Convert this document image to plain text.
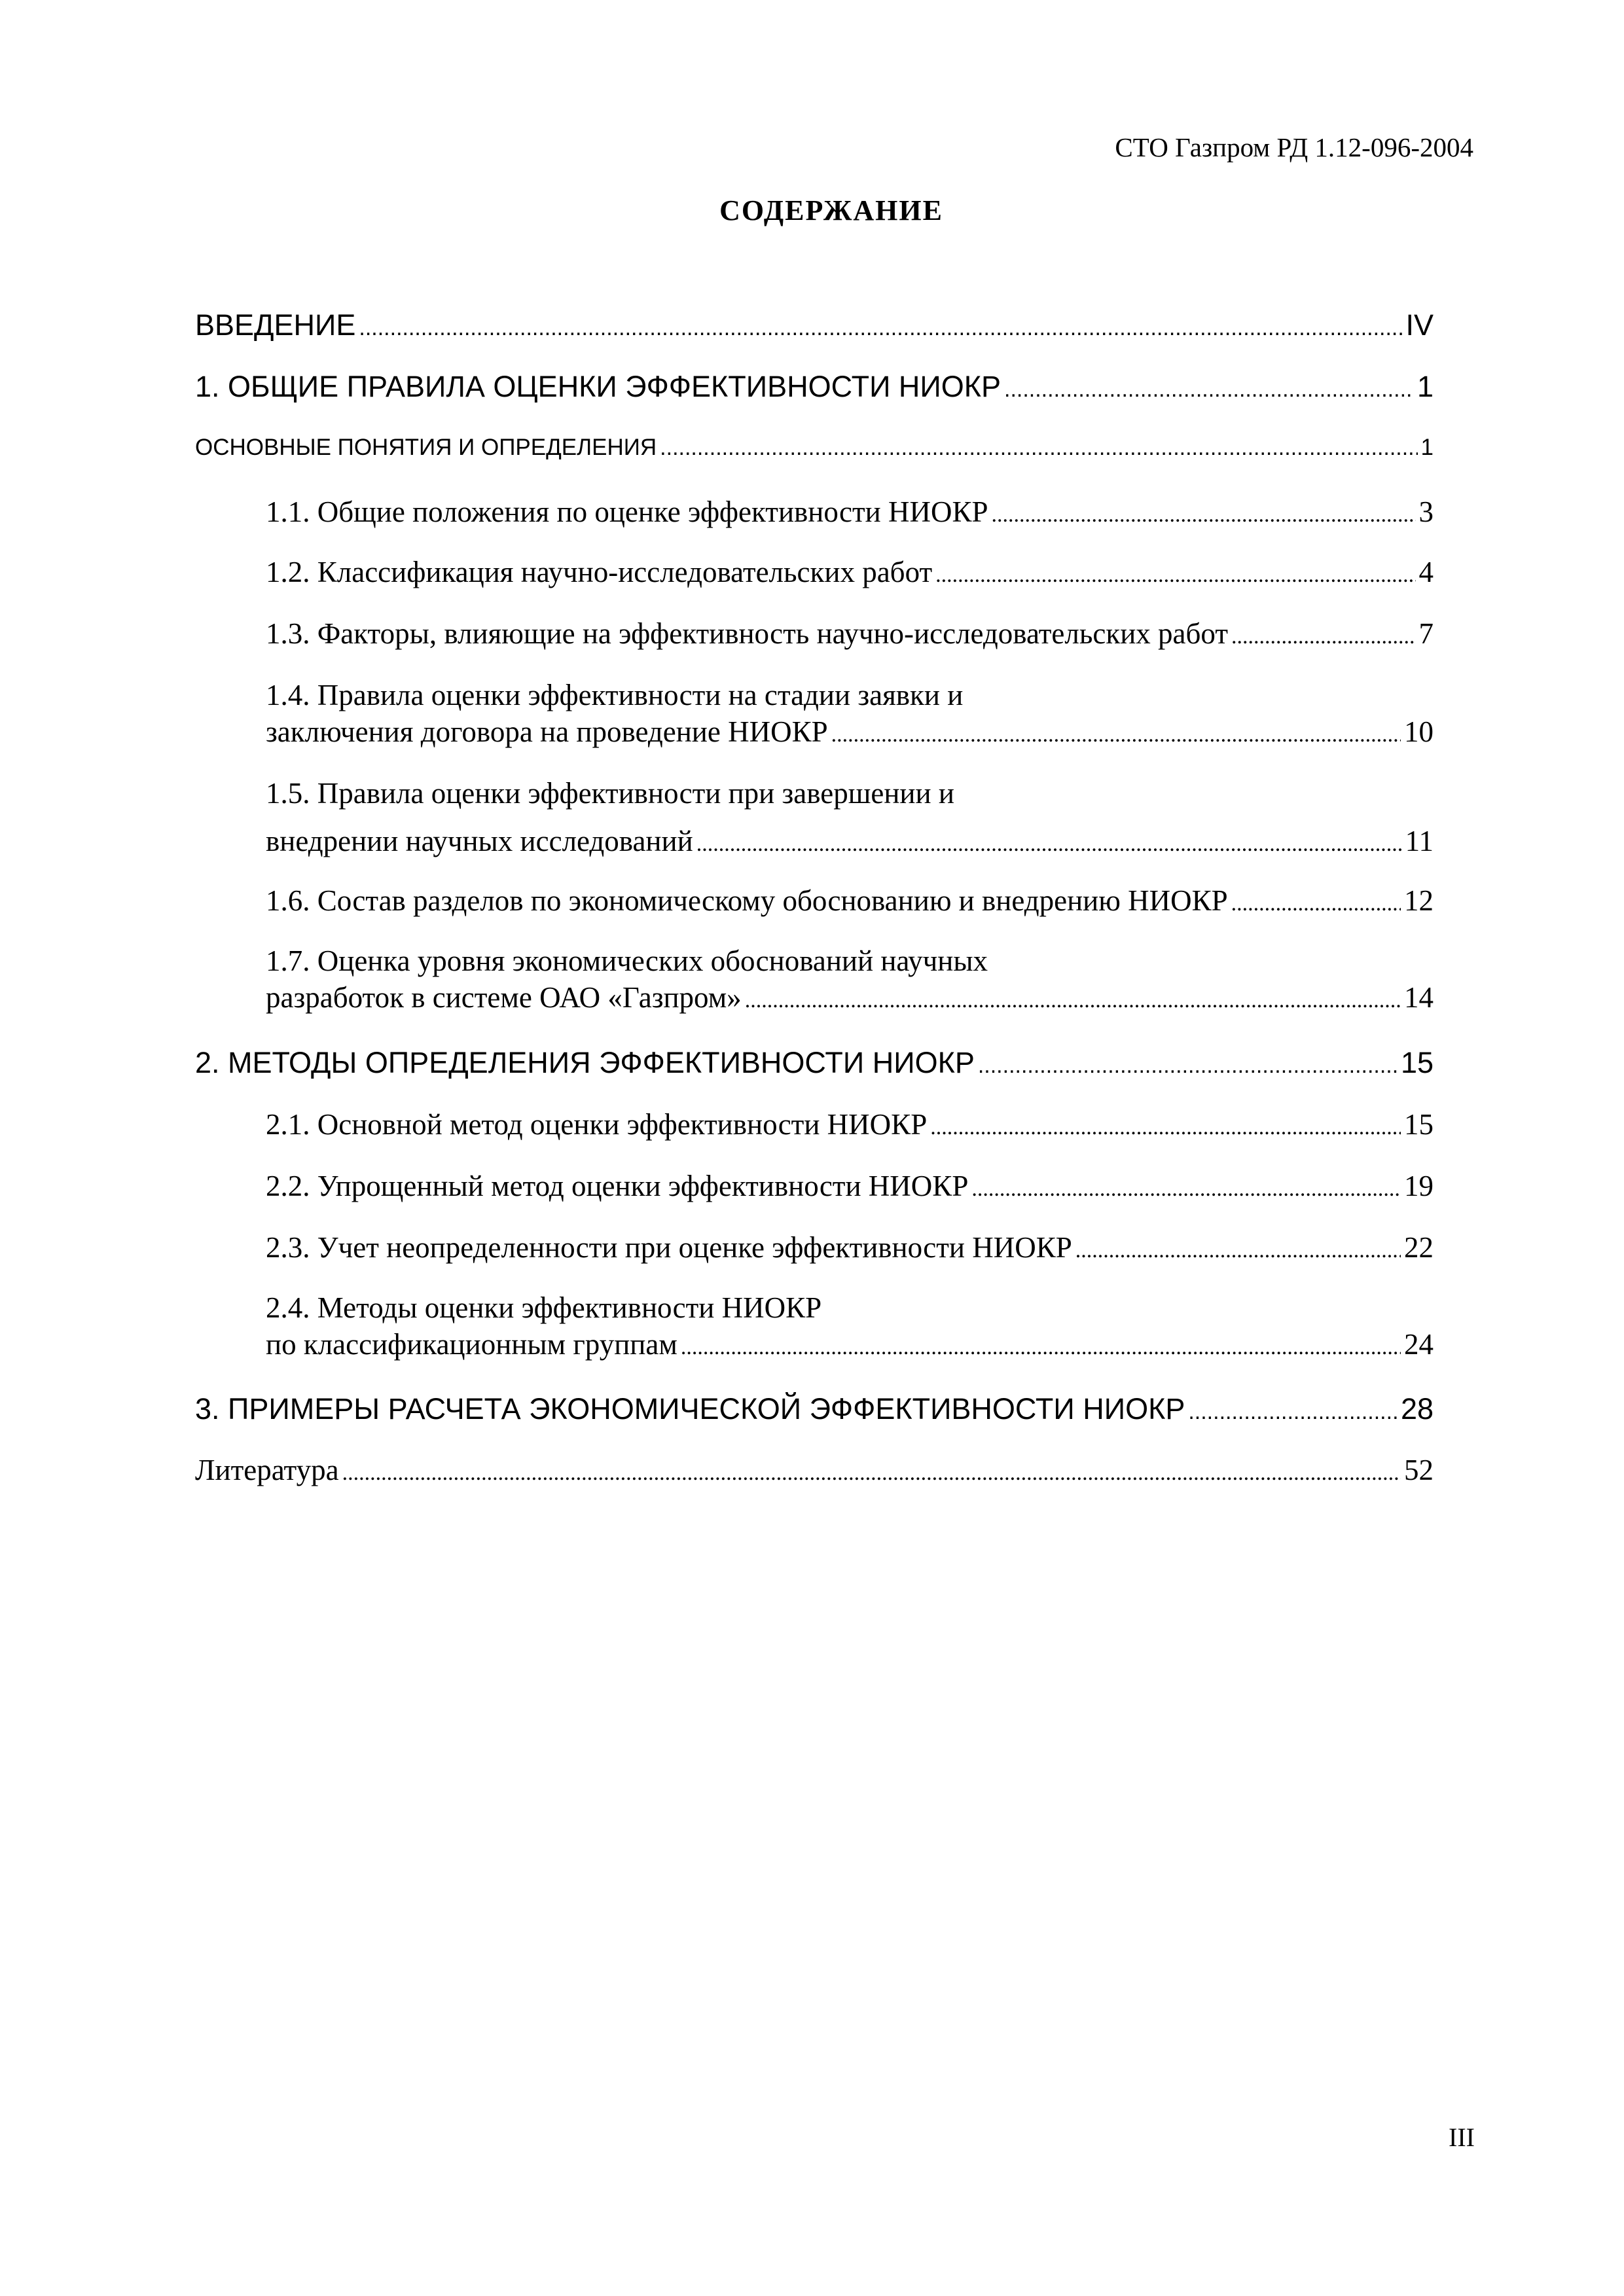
СТО Газпром РД 1.12-096-2004
СОДЕРЖАНИЕ
ВВЕДЕНИЕ .....	IV
1. ОБЩИЕ ПРАВИЛА ОЦЕНКИ ЭФФЕКТИВНОСТИ НИОКР .....	1
ОСНОВНЫЕ ПОНЯТИЯ И ОПРЕДЕЛЕНИЯ .....	1
1.1. Общие положения по оценке эффективности НИОКР .....	3
1.2. Классификация научно-исследовательских работ .....	4
1.3. Факторы, влияющие на эффективность научно-исследовательских работ .....	7
1.4. Правила оценки эффективности на стадии заявки и
заключения договора на проведение НИОКР .....	10
1.5. Правила оценки эффективности при завершении и
внедрении научных исследований .....	11
1.6. Состав разделов по экономическому обоснованию и внедрению НИОКР .....	12
1.7. Оценка уровня экономических обоснований научных
разработок в системе ОАО «Газпром» .....	14
2. МЕТОДЫ ОПРЕДЕЛЕНИЯ ЭФФЕКТИВНОСТИ НИОКР .....	15
2.1. Основной метод оценки эффективности НИОКР .....	15
2.2. Упрощенный метод оценки эффективности НИОКР .....	19
2.3. Учет неопределенности при оценке эффективности НИОКР .....	22
2.4. Методы оценки эффективности НИОКР
по классификационным группам .....	24
3. ПРИМЕРЫ РАСЧЕТА ЭКОНОМИЧЕСКОЙ ЭФФЕКТИВНОСТИ НИОКР .....	28
Литература .....	52
III
